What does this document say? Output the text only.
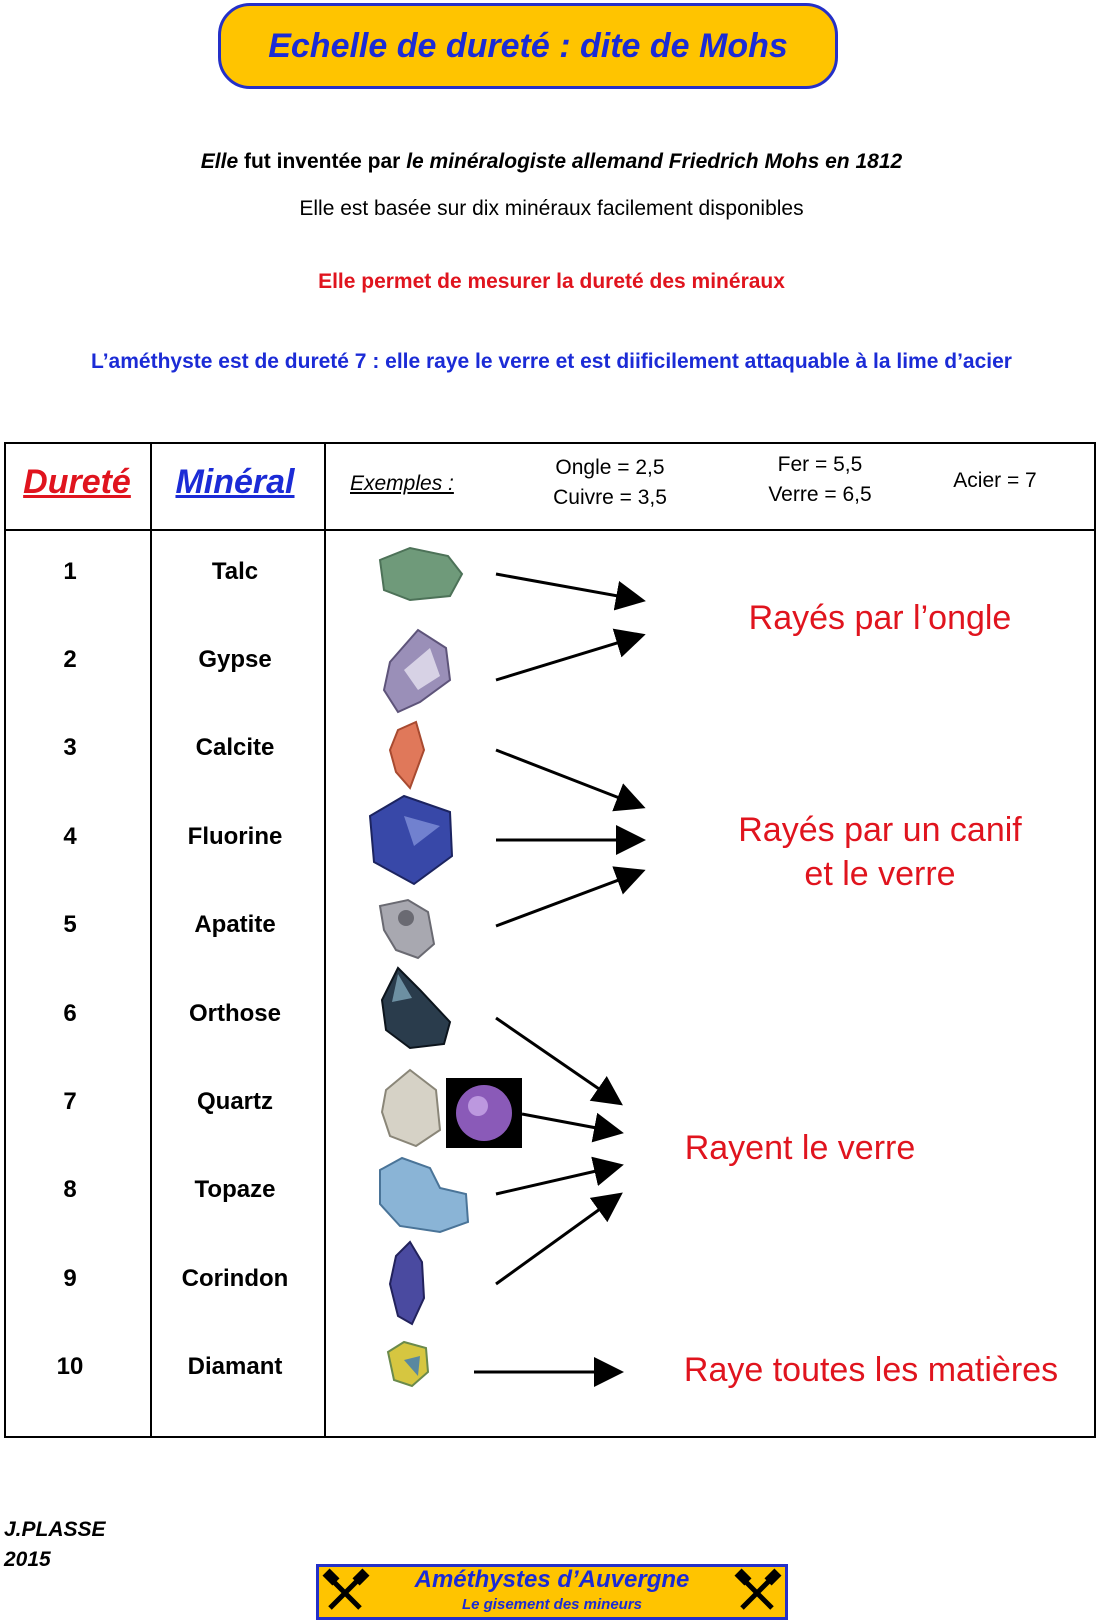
Echelle de dureté : dite de Mohs
Elle fut inventée par le minéralogiste allemand Friedrich Mohs en 1812
Elle est basée sur dix minéraux facilement disponibles
Elle permet de mesurer la dureté des minéraux
L’améthyste est de dureté 7 : elle raye le verre et est diificilement attaquable à la lime d’acier
Dureté	Minéral	Exemples :
Ongle = 2,5
Cuivre = 3,5
Fer = 5,5
Verre = 6,5
Acier = 7
1	Talc
2	Gypse
3	Calcite
4	Fluorine
5	Apatite
6	Orthose
7	Quartz
8	Topaze
9	Corindon
10	Diamant
Rayés par l’ongle
Rayés par un canif
et le verre
Rayent le verre
Raye toutes les matières
J.PLASSE
2015
Améthystes d’Auvergne
Le gisement des mineurs
